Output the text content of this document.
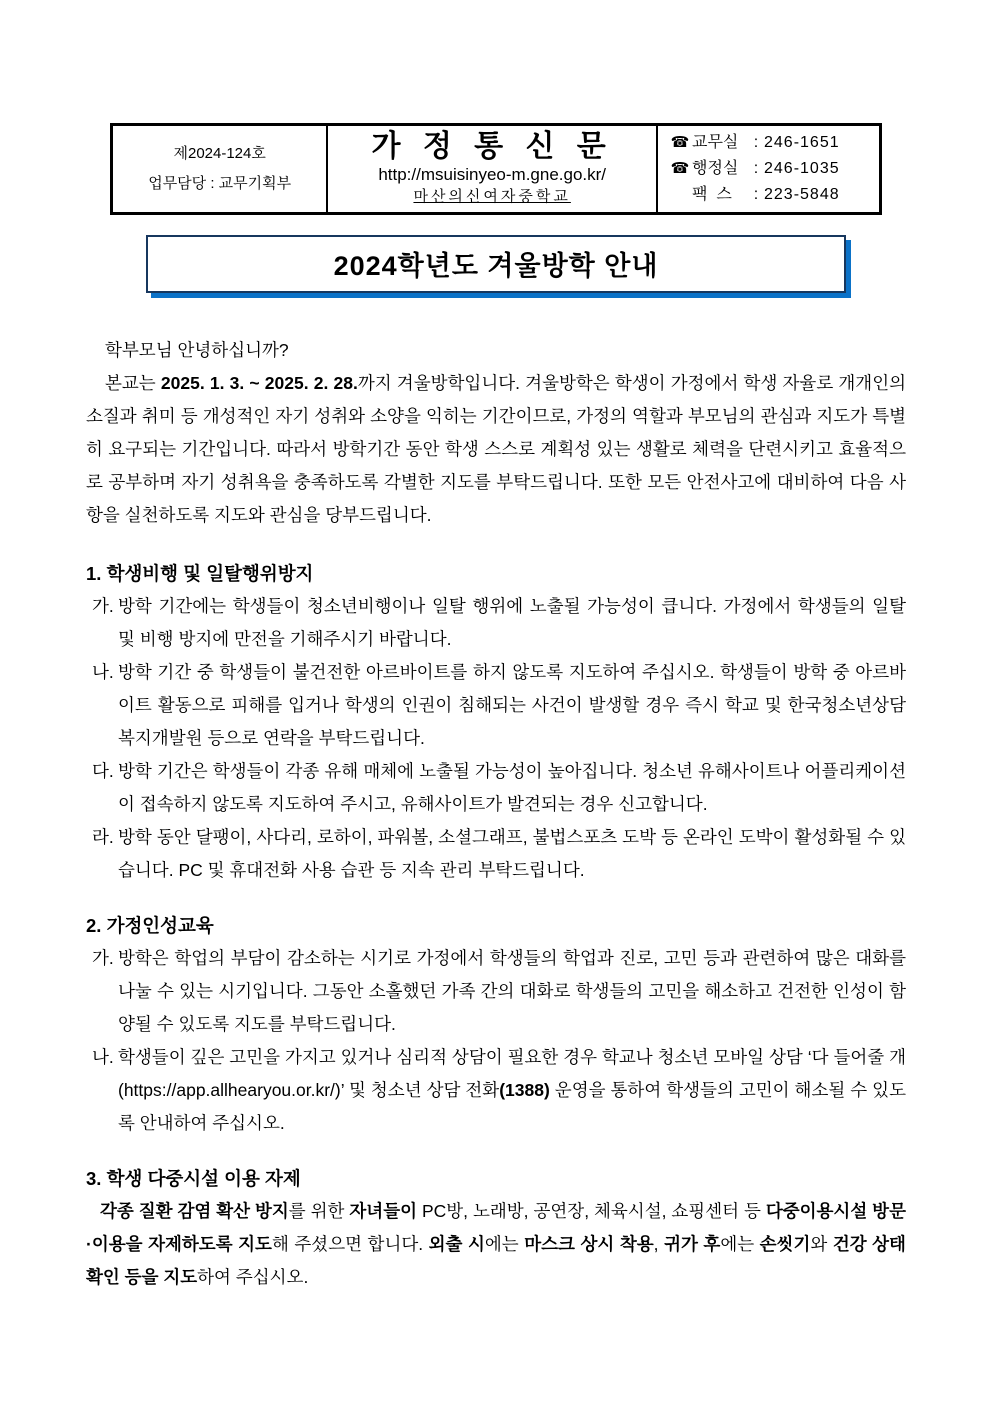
제2024-124호
업무담당 : 교무기획부

가 정 통 신 문
http://msuisinyeo-m.gne.go.kr/
마산의신여자중학교

☎ 교무실 : 246-1651
☎ 행정실 : 246-1035
팩  스	: 223-5848
2024학년도 겨울방학 안내

학부모님 안녕하십니까?

본교는 2025. 1. 3. ~ 2025. 2. 28.까지 겨울방학입니다. 겨울방학은 학생이 가정에서 학생 자율로 개개인의 소질과 취미 등 개성적인 자기 성취와 소양을 익히는 기간이므로, 가정의 역할과 부모님의 관심과 지도가 특별히 요구되는 기간입니다. 따라서 방학기간 동안 학생 스스로 계획성 있는 생활로 체력을 단련시키고 효율적으로 공부하며 자기 성취욕을 충족하도록 각별한 지도를 부탁드립니다. 또한 모든 안전사고에 대비하여 다음 사항을 실천하도록 지도와 관심을 당부드립니다.

1. 학생비행 및 일탈행위방지
가. 방학 기간에는 학생들이 청소년비행이나 일탈 행위에 노출될 가능성이 큽니다. 가정에서 학생들의 일탈 및 비행 방지에 만전을 기해주시기 바랍니다.
나. 방학 기간 중 학생들이 불건전한 아르바이트를 하지 않도록 지도하여 주십시오. 학생들이 방학 중 아르바이트 활동으로 피해를 입거나 학생의 인권이 침해되는 사건이 발생할 경우 즉시 학교 및 한국청소년상담복지개발원 등으로 연락을 부탁드립니다.
다. 방학 기간은 학생들이 각종 유해 매체에 노출될 가능성이 높아집니다. 청소년 유해사이트나 어플리케이션이 접속하지 않도록 지도하여 주시고, 유해사이트가 발견되는 경우 신고합니다.
라. 방학 동안 달팽이, 사다리, 로하이, 파워볼, 소셜그래프, 불법스포츠 도박 등 온라인 도박이 활성화될 수 있습니다. PC 및 휴대전화 사용 습관 등 지속 관리 부탁드립니다.
2. 가정인성교육
가. 방학은 학업의 부담이 감소하는 시기로 가정에서 학생들의 학업과 진로, 고민 등과 관련하여 많은 대화를 나눌 수 있는 시기입니다. 그동안 소홀했던 가족 간의 대화로 학생들의 고민을 해소하고 건전한 인성이 함양될 수 있도록 지도를 부탁드립니다.
나. 학생들이 깊은 고민을 가지고 있거나 심리적 상담이 필요한 경우 학교나 청소년 모바일 상담 ‘다 들어줄 개(https://app.allhearyou.or.kr/)’ 및 청소년 상담 전화(1388) 운영을 통하여 학생들의 고민이 해소될 수 있도록 안내하여 주십시오.
3. 학생 다중시설 이용 자제

각종 질환 감염 확산 방지를 위한 자녀들이 PC방, 노래방, 공연장, 체육시설, 쇼핑센터 등 다중이용시설 방문·이용을 자제하도록 지도해 주셨으면 합니다. 외출 시에는 마스크 상시 착용, 귀가 후에는 손씻기와 건강 상태 확인 등을 지도하여 주십시오.
